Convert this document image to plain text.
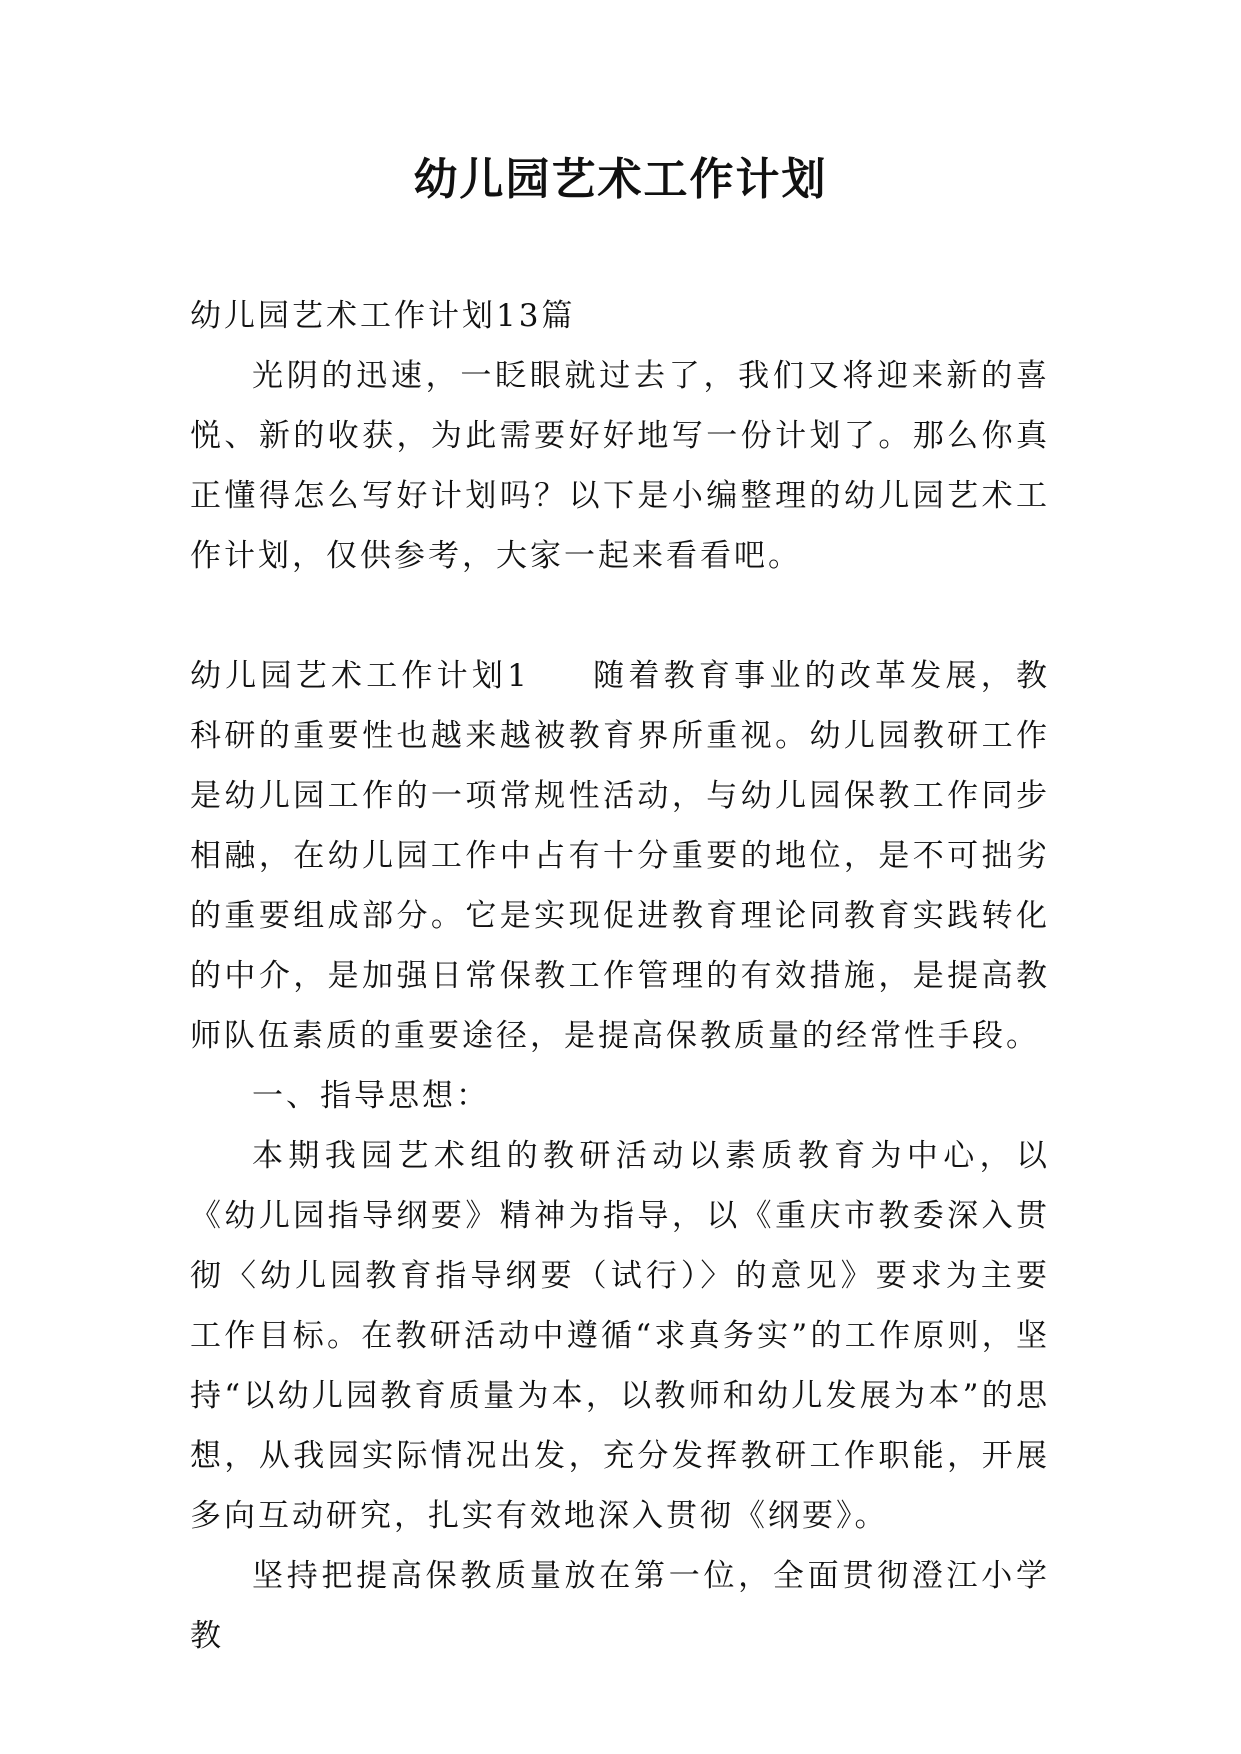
幼儿园艺术工作计划

幼儿园艺术工作计划13篇

光阴的迅速，一眨眼就过去了，我们又将迎来新的喜悦、新的收获，为此需要好好地写一份计划了。那么你真正懂得怎么写好计划吗？以下是小编整理的幼儿园艺术工作计划，仅供参考，大家一起来看看吧。

幼儿园艺术工作计划1 随着教育事业的改革发展，教科研的重要性也越来越被教育界所重视。幼儿园教研工作是幼儿园工作的一项常规性活动，与幼儿园保教工作同步相融，在幼儿园工作中占有十分重要的地位，是不可拙劣的重要组成部分。它是实现促进教育理论同教育实践转化的中介，是加强日常保教工作管理的有效措施，是提高教师队伍素质的重要途径，是提高保教质量的经常性手段。

一、指导思想：

本期我园艺术组的教研活动以素质教育为中心，以《幼儿园指导纲要》精神为指导，以《重庆市教委深入贯彻〈幼儿园教育指导纲要（试行）〉的意见》要求为主要工作目标。在教研活动中遵循“求真务实”的工作原则，坚持“以幼儿园教育质量为本，以教师和幼儿发展为本”的思想，从我园实际情况出发，充分发挥教研工作职能，开展多向互动研究，扎实有效地深入贯彻《纲要》。

坚持把提高保教质量放在第一位，全面贯彻澄江小学教
